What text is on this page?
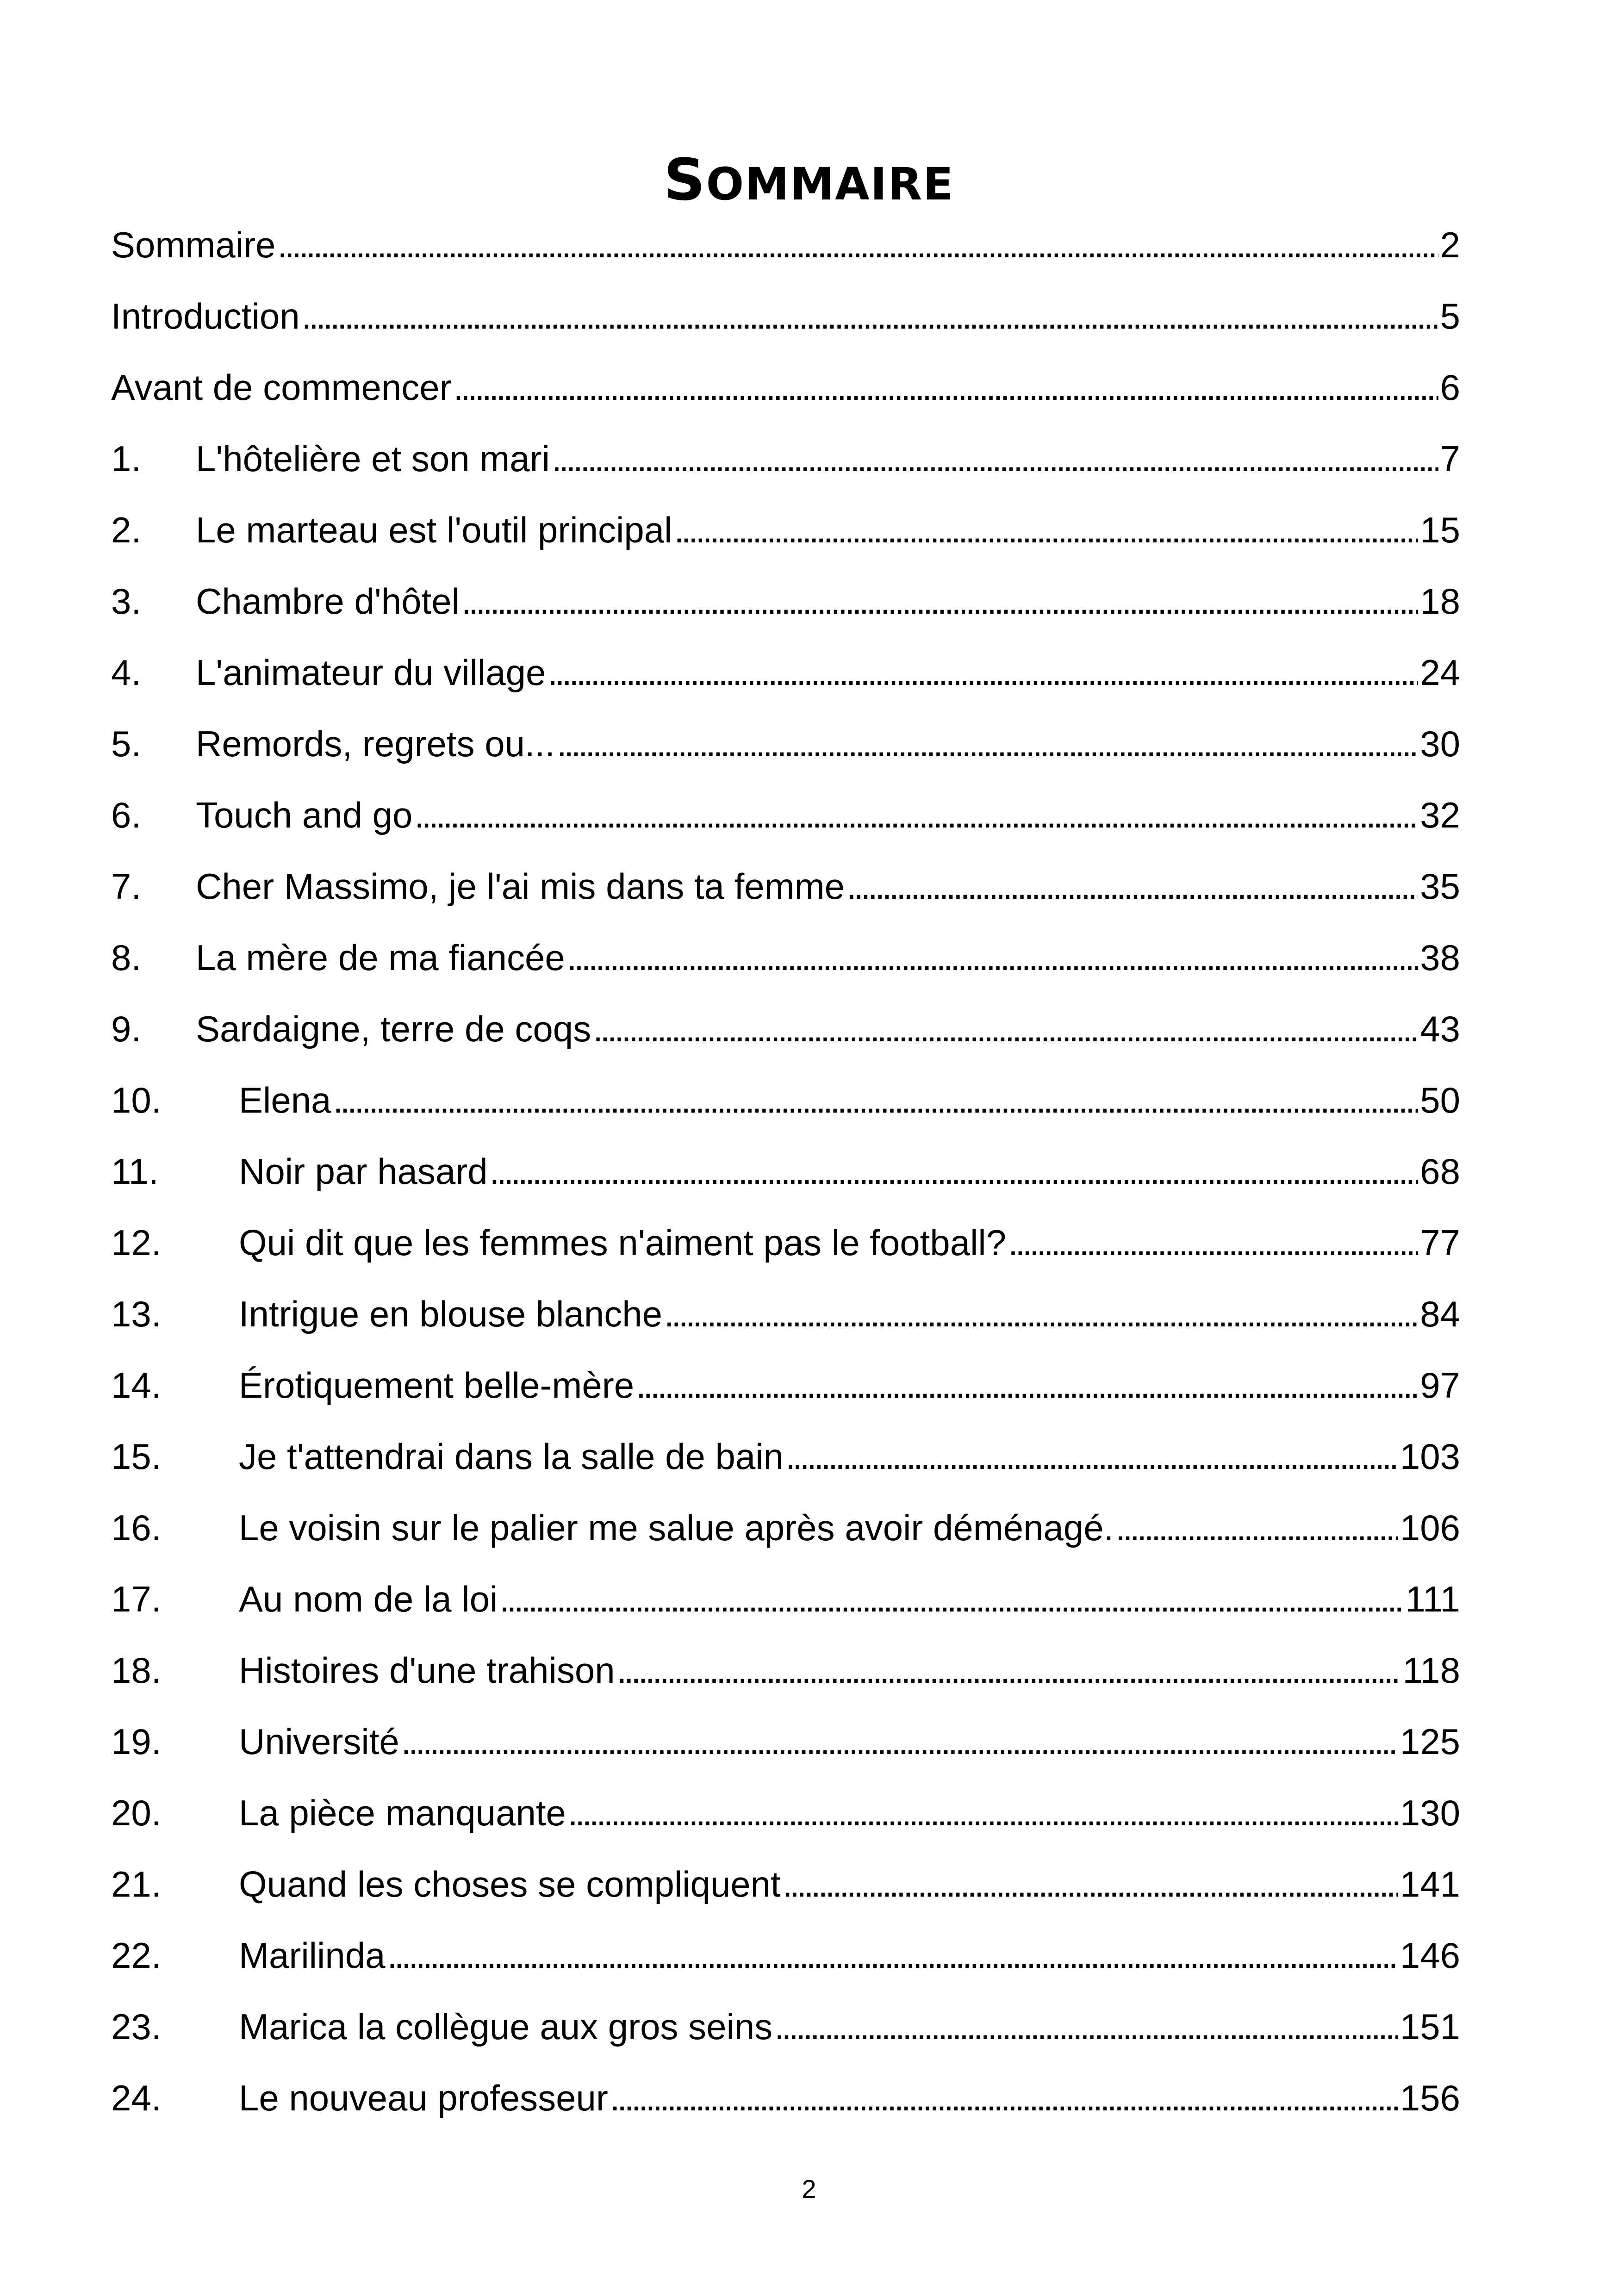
SOMMAIRE
Sommaire . . .	2
Introduction . . .	5
Avant de commencer . . .	6
1.	L'hôtelière et son mari . . .	7
2.	Le marteau est l'outil principal . . .	15
3.	Chambre d'hôtel . . .	18
4.	L'animateur du village . . .	24
5.	Remords, regrets ou... . . .	30
6.	Touch and go . . .	32
7.	Cher Massimo, je l'ai mis dans ta femme . . .	35
8.	La mère de ma fiancée . . .	38
9.	Sardaigne, terre de coqs . . .	43
10.	Elena . . .	50
11.	Noir par hasard . . .	68
12.	Qui dit que les femmes n'aiment pas le football? . . .	77
13.	Intrigue en blouse blanche . . .	84
14.	Érotiquement belle-mère . . .	97
15.	Je t'attendrai dans la salle de bain . . .	103
16.	Le voisin sur le palier me salue après avoir déménagé. . . .	106
17.	Au nom de la loi . . .	111
18.	Histoires d'une trahison . . .	118
19.	Université . . .	125
20.	La pièce manquante . . .	130
21.	Quand les choses se compliquent . . .	141
22.	Marilinda . . .	146
23.	Marica la collègue aux gros seins . . .	151
24.	Le nouveau professeur . . .	156
2
